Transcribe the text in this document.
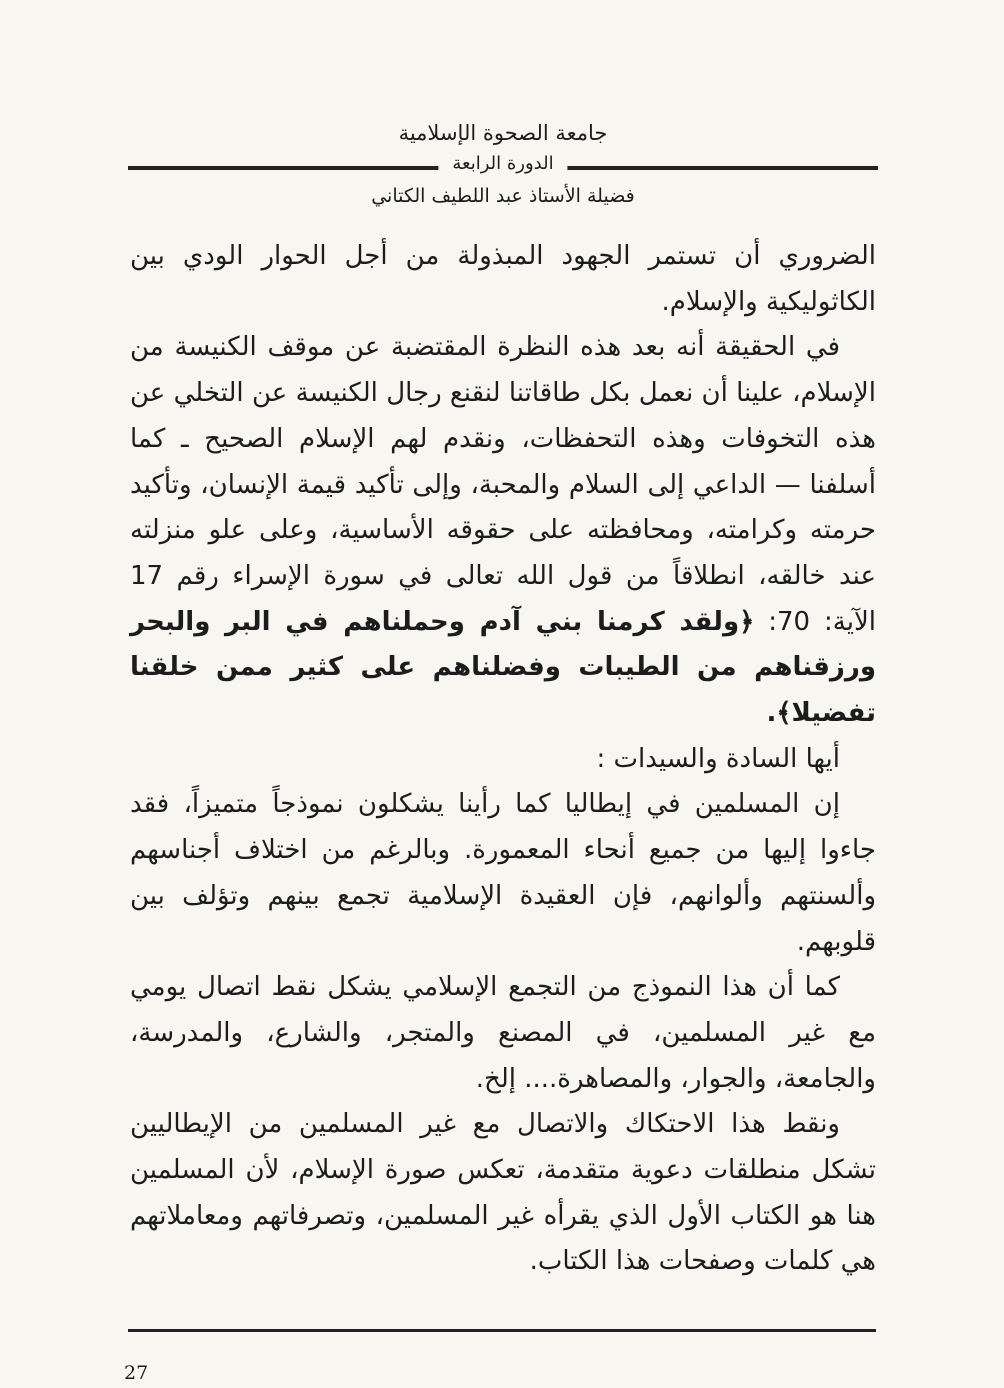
جامعة الصحوة الإسلامية
الدورة الرابعة
فضيلة الأستاذ عبد اللطيف الكتاني

الضروري أن تستمر الجهود المبذولة من أجل الحوار الودي بين الكاثوليكية والإسلام.

في الحقيقة أنه بعد هذه النظرة المقتضبة عن موقف الكنيسة من الإسلام، علينا أن نعمل بكل طاقاتنا لنقنع رجال الكنيسة عن التخلي عن هذه التخوفات وهذه التحفظات، ونقدم لهم الإسلام الصحيح ـ كما أسلفنا — الداعي إلى السلام والمحبة، وإلى تأكيد قيمة الإنسان، وتأكيد حرمته وكرامته، ومحافظته على حقوقه الأساسية، وعلى علو منزلته عند خالقه، انطلاقاً من قول الله تعالى في سورة الإسراء رقم 17 الآية: 70: ﴿ولقد كرمنا بني آدم وحملناهم في البر والبحر ورزقناهم من الطيبات وفضلناهم على كثير ممن خلقنا تفضيلا﴾.

أيها السادة والسيدات :

إن المسلمين في إيطاليا كما رأينا يشكلون نموذجاً متميزاً، فقد جاءوا إليها من جميع أنحاء المعمورة. وبالرغم من اختلاف أجناسهم وألسنتهم وألوانهم، فإن العقيدة الإسلامية تجمع بينهم وتؤلف بين قلوبهم.

كما أن هذا النموذج من التجمع الإسلامي يشكل نقط اتصال يومي مع غير المسلمين، في المصنع والمتجر، والشارع، والمدرسة، والجامعة، والجوار، والمصاهرة.... إلخ.

ونقط هذا الاحتكاك والاتصال مع غير المسلمين من الإيطاليين تشكل منطلقات دعوية متقدمة، تعكس صورة الإسلام، لأن المسلمين هنا هو الكتاب الأول الذي يقرأه غير المسلمين، وتصرفاتهم ومعاملاتهم هي كلمات وصفحات هذا الكتاب.

27
